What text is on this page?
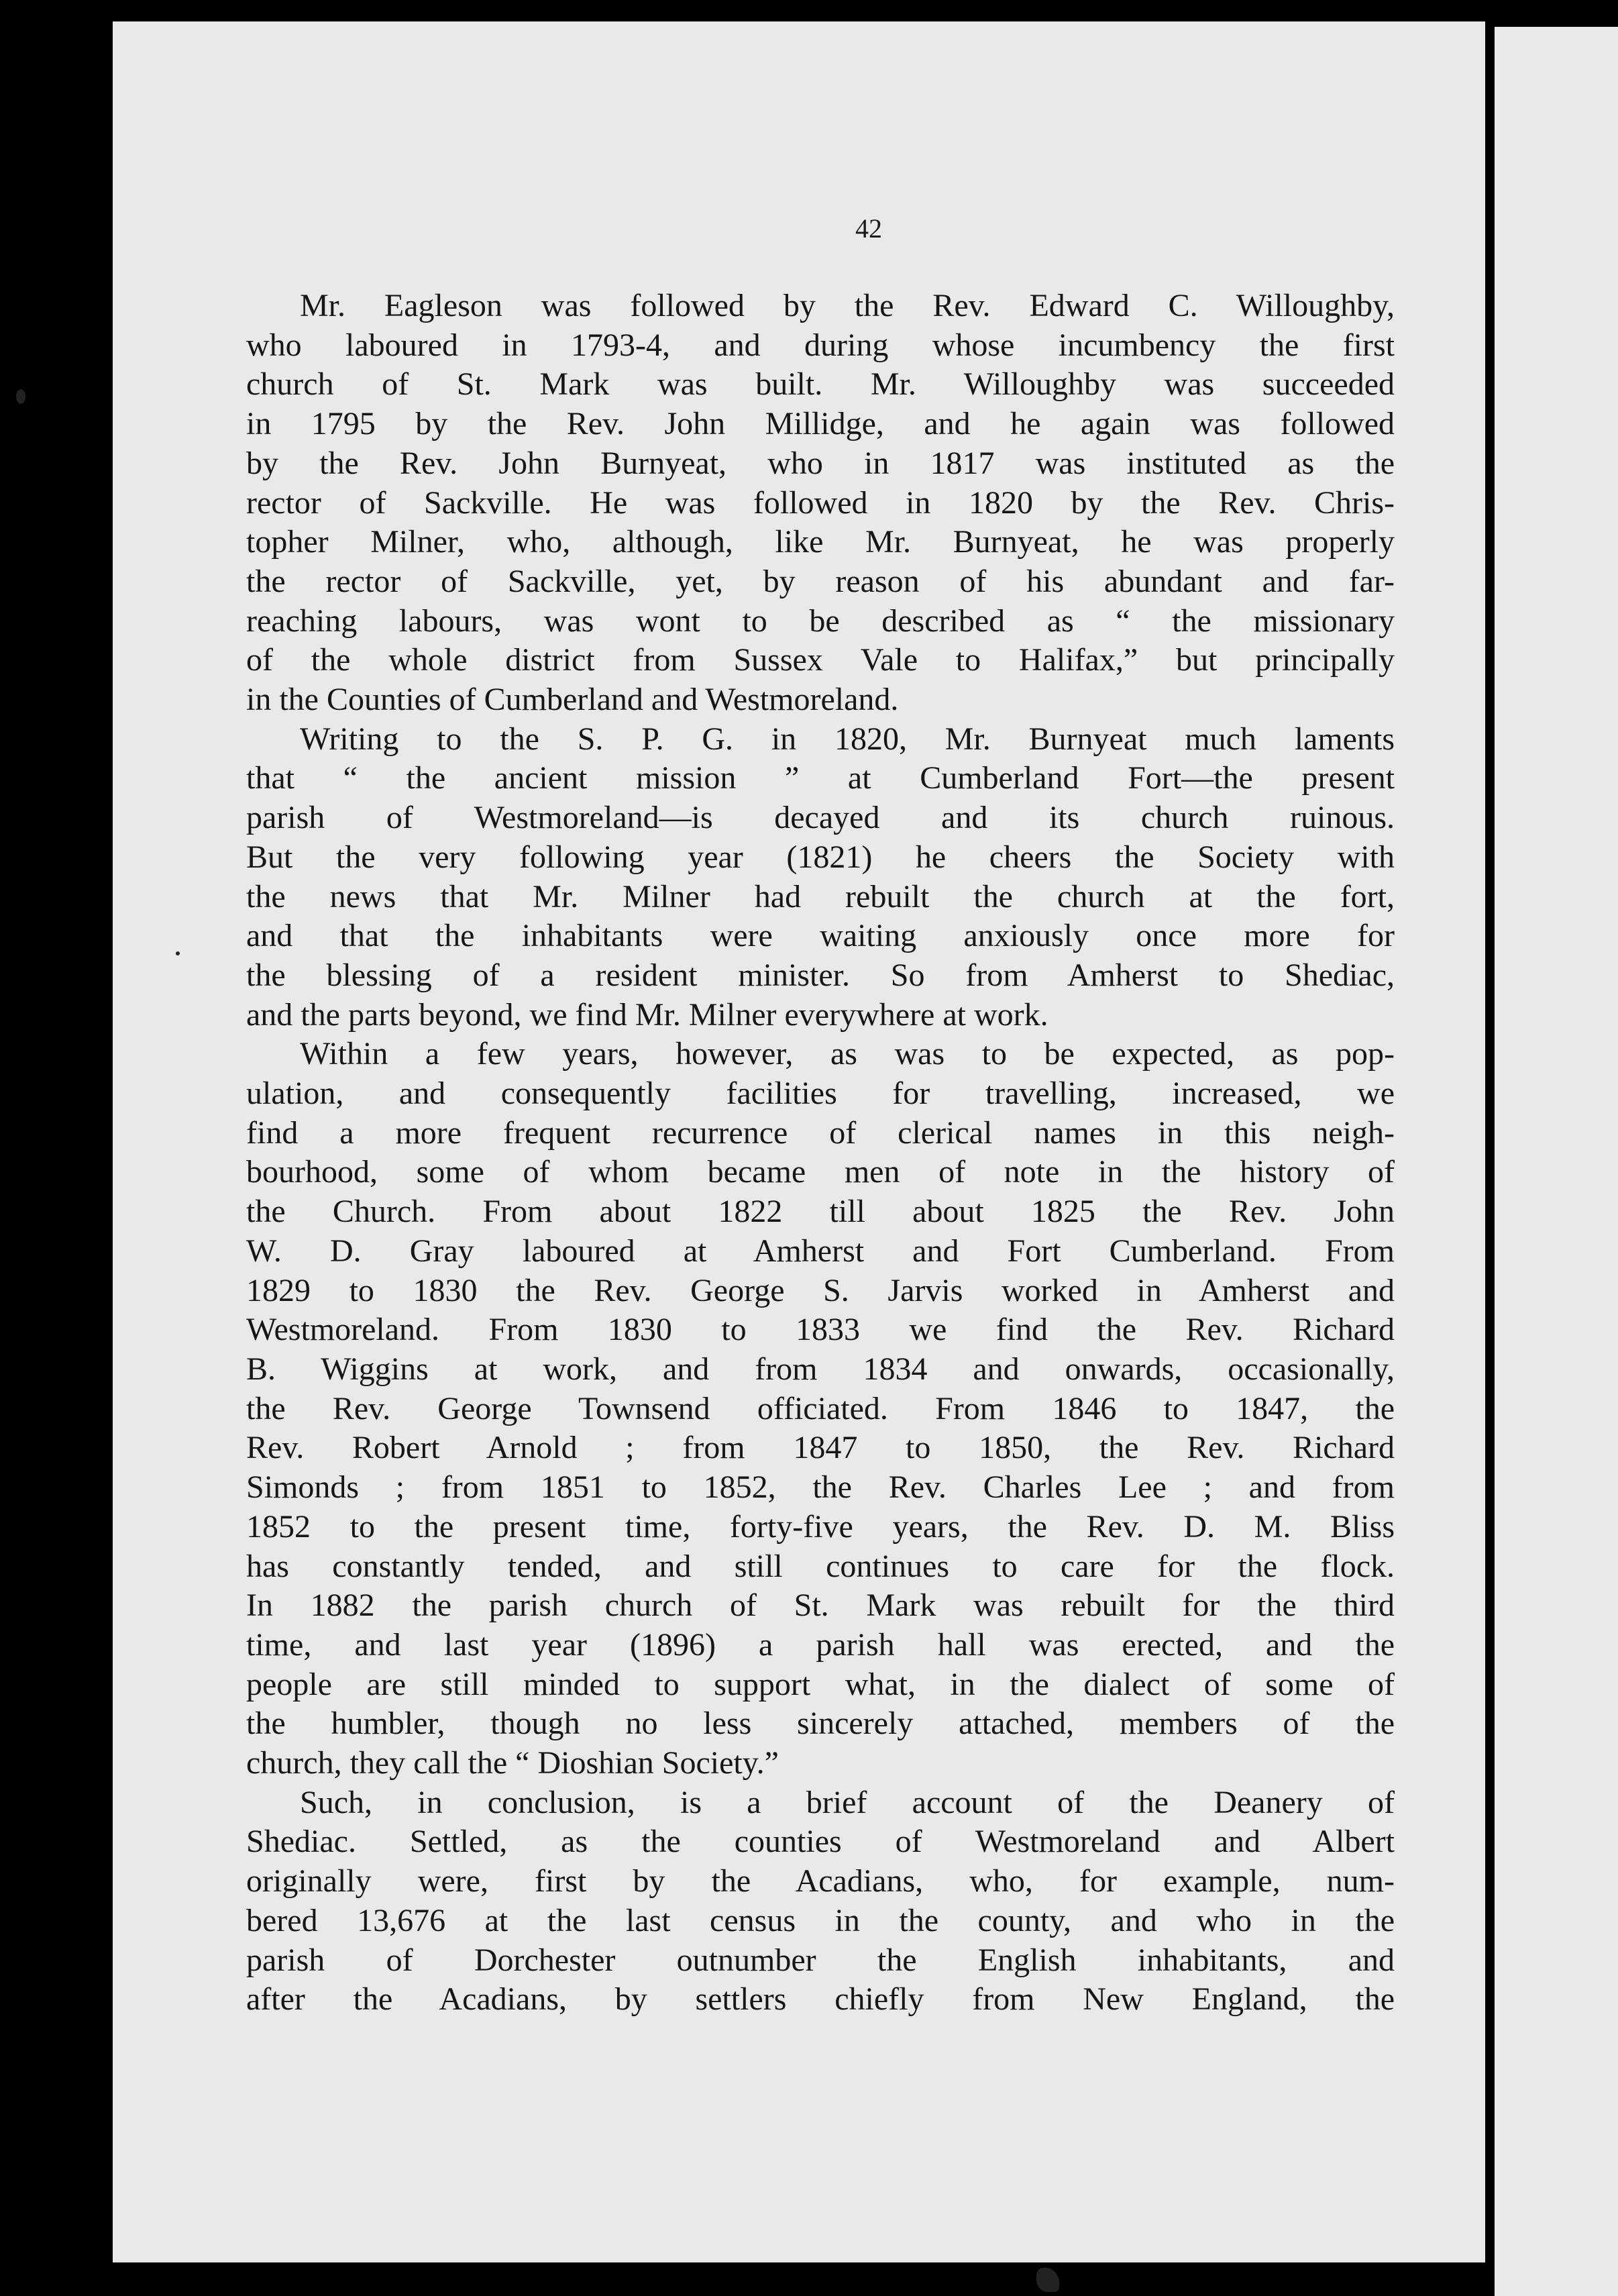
42
Mr. Eagleson was followed by the Rev. Edward C. Willoughby,
who laboured in 1793-4, and during whose incumbency the first
church of St. Mark was built. Mr. Willoughby was succeeded
in 1795 by the Rev. John Millidge, and he again was followed
by the Rev. John Burnyeat, who in 1817 was instituted as the
rector of Sackville. He was followed in 1820 by the Rev. Chris-
topher Milner, who, although, like Mr. Burnyeat, he was properly
the rector of Sackville, yet, by reason of his abundant and far-
reaching labours, was wont to be described as “ the missionary
of the whole district from Sussex Vale to Halifax,” but principally
in the Counties of Cumberland and Westmoreland.
Writing to the S. P. G. in 1820, Mr. Burnyeat much laments
that “ the ancient mission ” at Cumberland Fort—the present
parish of Westmoreland—is decayed and its church ruinous.
But the very following year (1821) he cheers the Society with
the news that Mr. Milner had rebuilt the church at the fort,
and that the inhabitants were waiting anxiously once more for
the blessing of a resident minister. So from Amherst to Shediac,
and the parts beyond, we find Mr. Milner everywhere at work.
Within a few years, however, as was to be expected, as pop-
ulation, and consequently facilities for travelling, increased, we
find a more frequent recurrence of clerical names in this neigh-
bourhood, some of whom became men of note in the history of
the Church. From about 1822 till about 1825 the Rev. John
W. D. Gray laboured at Amherst and Fort Cumberland. From
1829 to 1830 the Rev. George S. Jarvis worked in Amherst and
Westmoreland. From 1830 to 1833 we find the Rev. Richard
B. Wiggins at work, and from 1834 and onwards, occasionally,
the Rev. George Townsend officiated. From 1846 to 1847, the
Rev. Robert Arnold ; from 1847 to 1850, the Rev. Richard
Simonds ; from 1851 to 1852, the Rev. Charles Lee ; and from
1852 to the present time, forty-five years, the Rev. D. M. Bliss
has constantly tended, and still continues to care for the flock.
In 1882 the parish church of St. Mark was rebuilt for the third
time, and last year (1896) a parish hall was erected, and the
people are still minded to support what, in the dialect of some of
the humbler, though no less sincerely attached, members of the
church, they call the “ Dioshian Society.”
Such, in conclusion, is a brief account of the Deanery of
Shediac. Settled, as the counties of Westmoreland and Albert
originally were, first by the Acadians, who, for example, num-
bered 13,676 at the last census in the county, and who in the
parish of Dorchester outnumber the English inhabitants, and
after the Acadians, by settlers chiefly from New England, the
